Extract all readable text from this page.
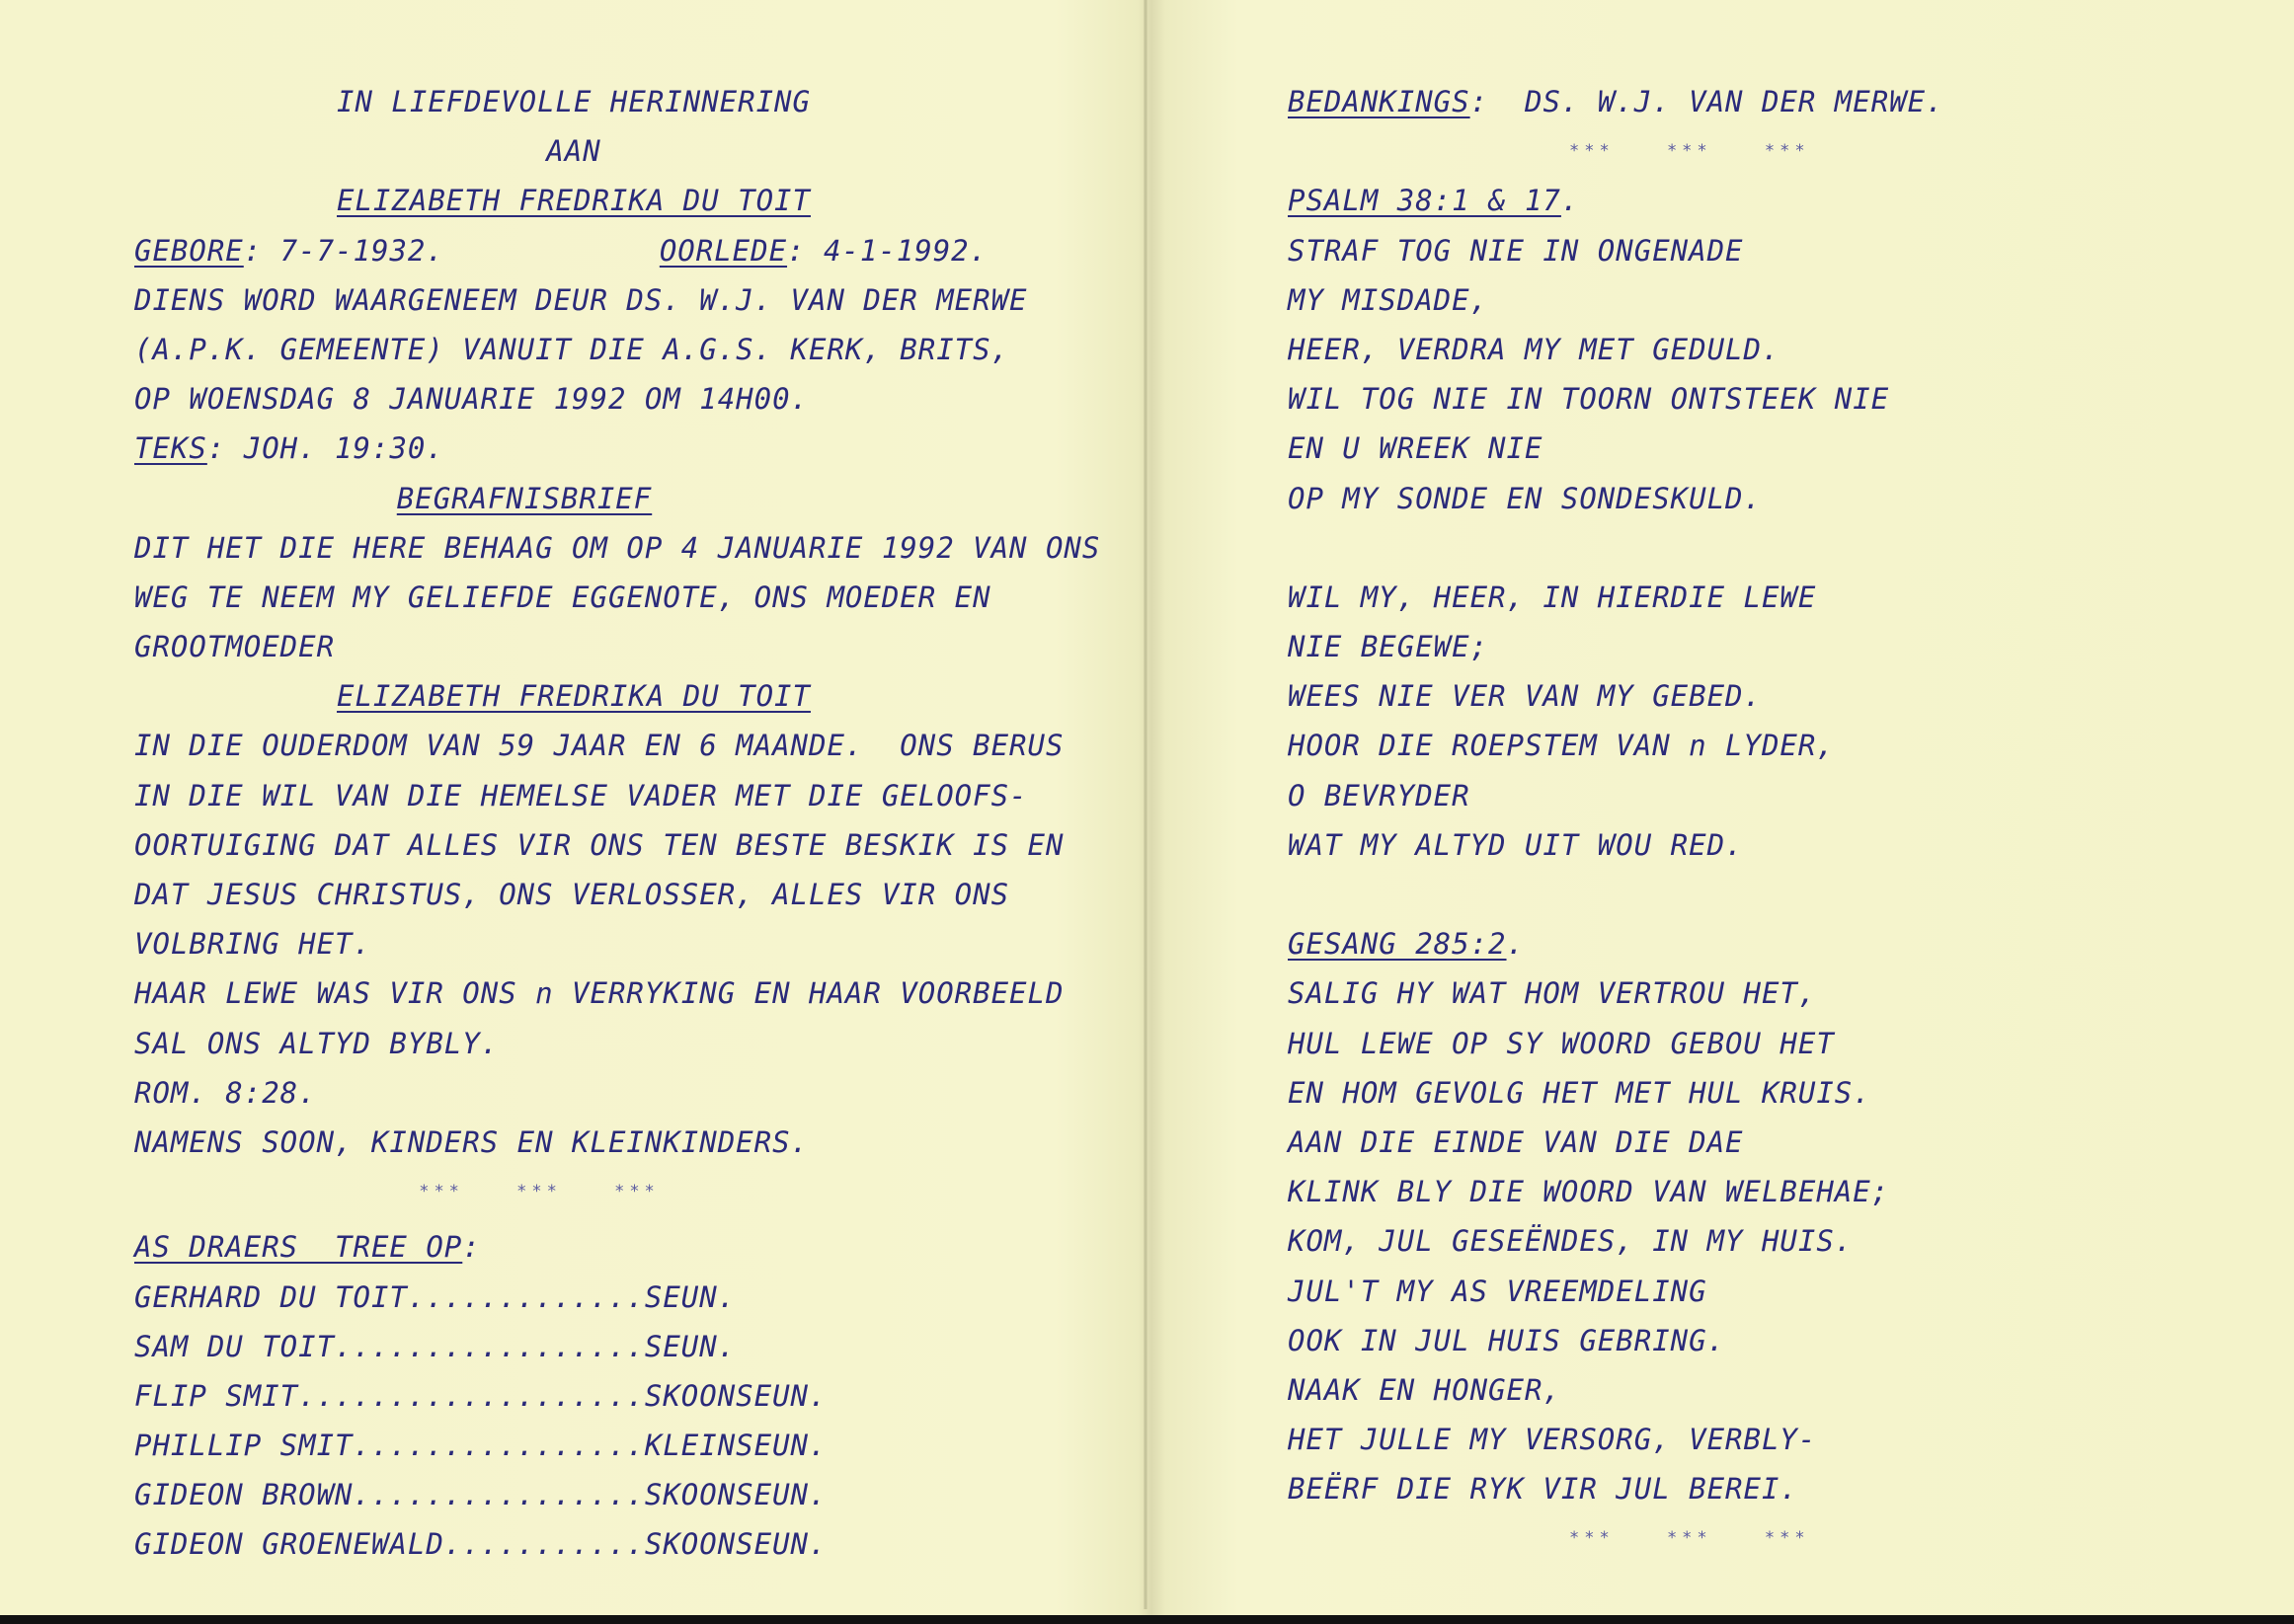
IN LIEFDEVOLLE HERINNERING
AAN
ELIZABETH FREDRIKA DU TOIT
GEBORE: 7-7-1932.	OORLEDE: 4-1-1992.
DIENS WORD WAARGENEEM DEUR DS. W.J. VAN DER MERWE
(A.P.K. GEMEENTE) VANUIT DIE A.G.S. KERK, BRITS,
OP WOENSDAG 8 JANUARIE 1992 OM 14H00.
TEKS: JOH. 19:30.
BEGRAFNISBRIEF
DIT HET DIE HERE BEHAAG OM OP 4 JANUARIE 1992 VAN ONS
WEG TE NEEM MY GELIEFDE EGGENOTE, ONS MOEDER EN
GROOTMOEDER
ELIZABETH FREDRIKA DU TOIT
IN DIE OUDERDOM VAN 59 JAAR EN 6 MAANDE.  ONS BERUS
IN DIE WIL VAN DIE HEMELSE VADER MET DIE GELOOFS-
OORTUIGING DAT ALLES VIR ONS TEN BESTE BESKIK IS EN
DAT JESUS CHRISTUS, ONS VERLOSSER, ALLES VIR ONS
VOLBRING HET.
HAAR LEWE WAS VIR ONS n VERRYKING EN HAAR VOORBEELD
SAL ONS ALTYD BYBLY.
ROM. 8:28.
NAMENS SOON, KINDERS EN KLEINKINDERS.
*** *** ***
AS DRAERS  TREE OP:
GERHARD DU TOIT.............SEUN.
SAM DU TOIT.................SEUN.
FLIP SMIT...................SKOONSEUN.
PHILLIP SMIT................KLEINSEUN.
GIDEON BROWN................SKOONSEUN.
GIDEON GROENEWALD...........SKOONSEUN.
BEDANKINGS:  DS. W.J. VAN DER MERWE.
*** *** ***
PSALM 38:1 & 17.
STRAF TOG NIE IN ONGENADE
MY MISDADE,
HEER, VERDRA MY MET GEDULD.
WIL TOG NIE IN TOORN ONTSTEEK NIE
EN U WREEK NIE
OP MY SONDE EN SONDESKULD.
WIL MY, HEER, IN HIERDIE LEWE
NIE BEGEWE;
WEES NIE VER VAN MY GEBED.
HOOR DIE ROEPSTEM VAN n LYDER,
O BEVRYDER
WAT MY ALTYD UIT WOU RED.
GESANG 285:2.
SALIG HY WAT HOM VERTROU HET,
HUL LEWE OP SY WOORD GEBOU HET
EN HOM GEVOLG HET MET HUL KRUIS.
AAN DIE EINDE VAN DIE DAE
KLINK BLY DIE WOORD VAN WELBEHAE;
KOM, JUL GESEËNDES, IN MY HUIS.
JUL'T MY AS VREEMDELING
OOK IN JUL HUIS GEBRING.
NAAK EN HONGER,
HET JULLE MY VERSORG, VERBLY-
BEËRF DIE RYK VIR JUL BEREI.
*** *** ***
